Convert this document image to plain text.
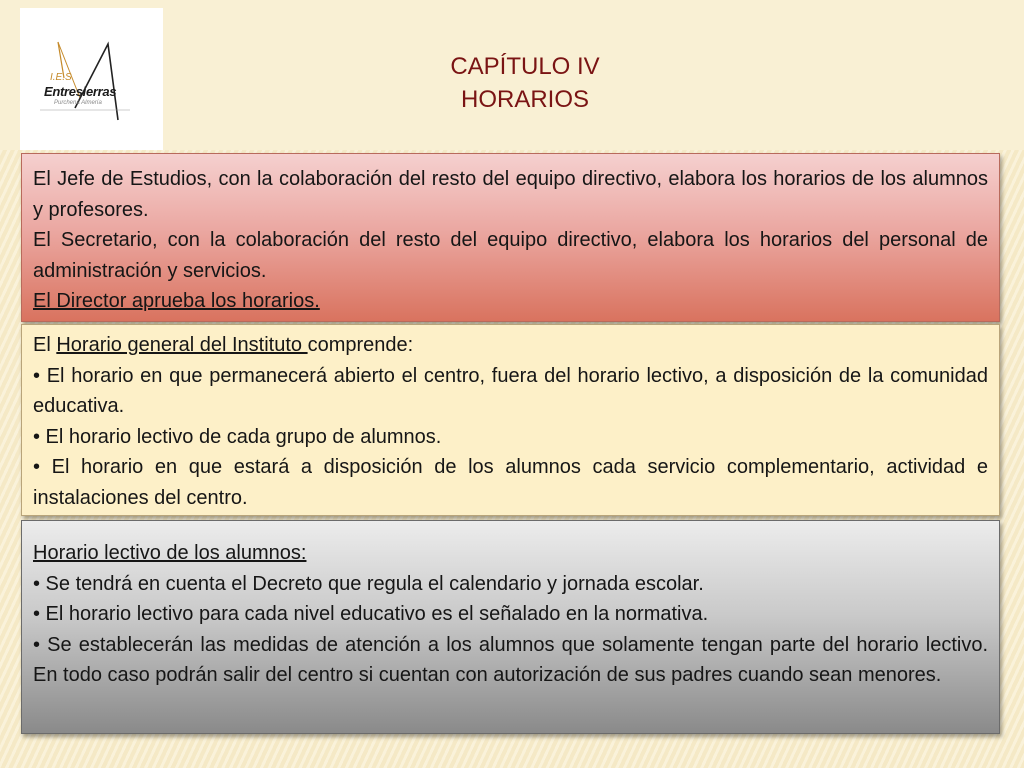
I.E.S
Entresierras
Purchena Almería
CAPÍTULO IV
HORARIOS

El Jefe de Estudios, con la colaboración del resto del equipo directivo, elabora los horarios de los alumnos y profesores.

El Secretario, con la colaboración del resto del equipo directivo, elabora los horarios del personal de administración y servicios.

El Director aprueba los horarios.

El Horario general del Instituto comprende:

• El horario en que permanecerá abierto el centro, fuera del horario lectivo, a disposición de la comunidad educativa.

• El horario lectivo de cada grupo de alumnos.

• El horario en que estará a disposición de los alumnos cada servicio complementario, actividad e instalaciones del centro.

Horario lectivo de los alumnos:

• Se tendrá en cuenta el Decreto que regula el calendario y jornada escolar.

• El horario lectivo para cada nivel educativo es el señalado en la normativa.

• Se establecerán las medidas de atención a los alumnos que solamente tengan parte del horario lectivo. En todo caso podrán salir del centro si cuentan con autorización de sus padres cuando sean menores.
